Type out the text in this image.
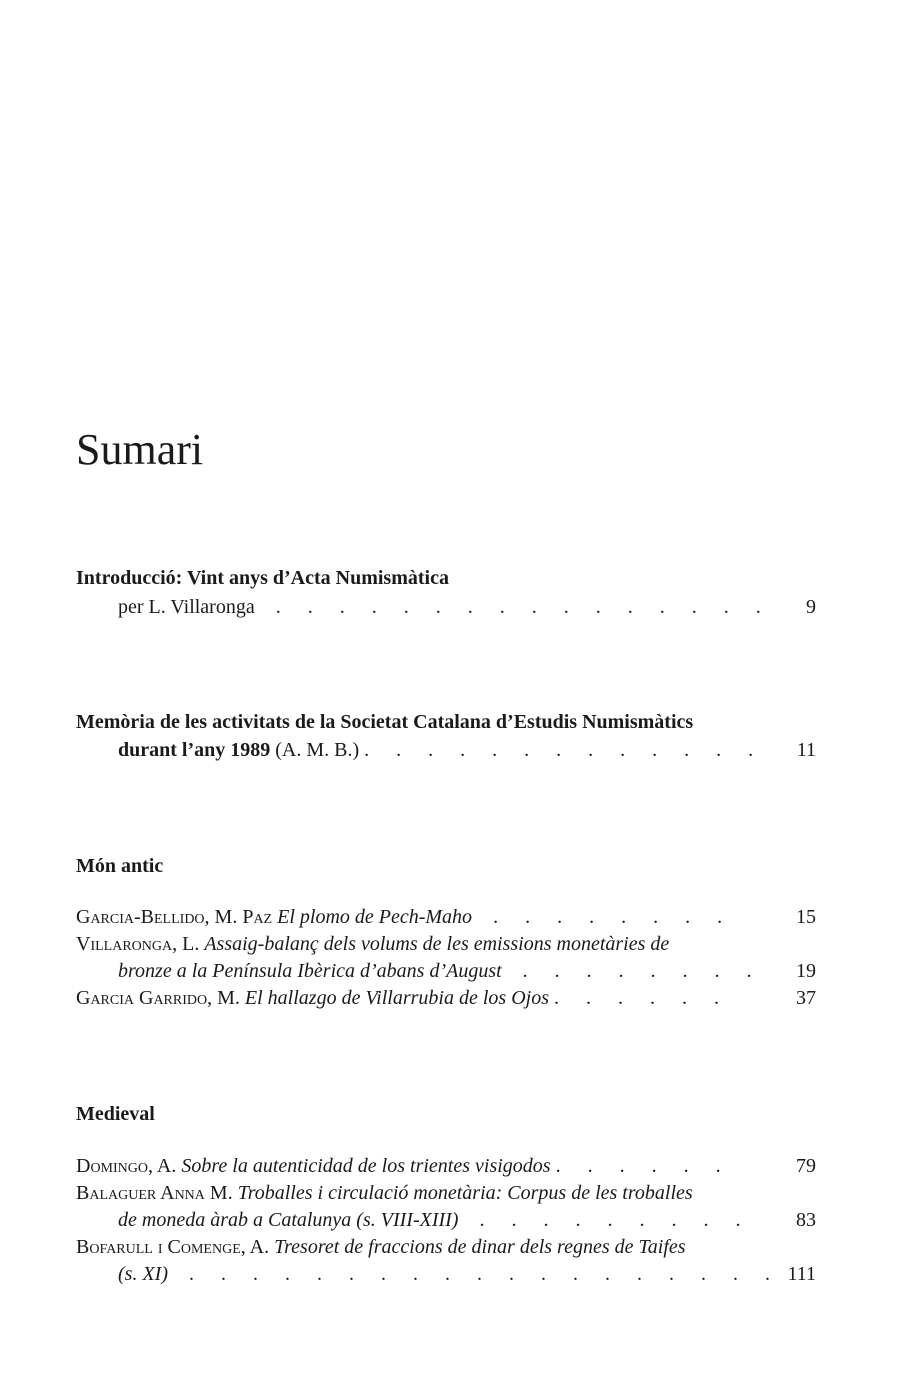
Sumari
Introducció: Vint anys d’Acta Numismàtica
per L. Villaronga  . . . . . . . . . . . . . . . .	9
Memòria de les activitats de la Societat Catalana d’Estudis Numismàtics
durant l’any 1989 (A. M. B.) . . . . . . . . . . . . .	11
Món antic
Garcia-Bellido, M. Paz El plomo de Pech-Maho  . . . . . . . .	15
Villaronga, L. Assaig-balanç dels volums de les emissions monetàries de
bronze a la Península Ibèrica d’abans d’August  . . . . . . . .	19
Garcia Garrido, M. El hallazgo de Villarrubia de los Ojos . . . . . .	37
Medieval
Domingo, A. Sobre la autenticidad de los trientes visigodos . . . . . .	79
Balaguer Anna M. Troballes i circulació monetària: Corpus de les troballes
de moneda àrab a Catalunya (s. VIII-XIII)  . . . . . . . . .	83
Bofarull i Comenge, A. Tresoret de fraccions de dinar dels regnes de Taifes
(s. XI)  . . . . . . . . . . . . . . . . . . . 111
